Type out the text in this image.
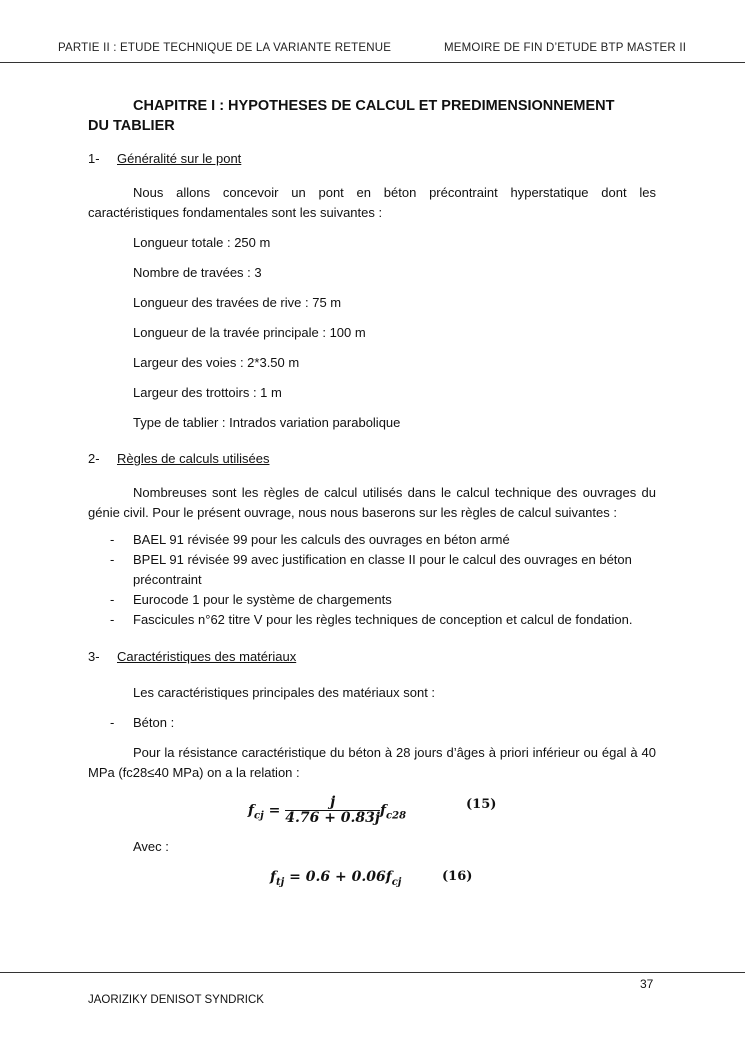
PARTIE II : ETUDE TECHNIQUE DE LA VARIANTE RETENUE	MEMOIRE DE FIN D’ETUDE BTP MASTER II
CHAPITRE I : HYPOTHESES DE CALCUL ET PREDIMENSIONNEMENT
DU TABLIER
1- Généralité sur le pont

Nous allons concevoir un pont en béton précontraint hyperstatique dont les caractéristiques fondamentales sont les suivantes :

Longueur totale : 250 m

Nombre de travées : 3

Longueur des travées de rive : 75 m

Longueur de la travée principale : 100 m

Largeur des voies : 2*3.50 m

Largeur des trottoirs : 1 m

Type de tablier : Intrados variation parabolique

2- Règles de calculs utilisées

Nombreuses sont les règles de calcul utilisés dans le calcul technique des ouvrages du génie civil. Pour le présent ouvrage, nous nous baserons sur les règles de calcul suivantes :

- BAEL 91 révisée 99 pour les calculs des ouvrages en béton armé
- BPEL 91 révisée 99 avec justification en classe II pour le calcul des ouvrages en béton précontraint
- Eurocode 1 pour le système de chargements
- Fascicules n°62 titre V pour les règles techniques de conception et calcul de fondation.
3- Caractéristiques des matériaux

Les caractéristiques principales des matériaux sont :

- Béton :

Pour la résistance caractéristique du béton à 28 jours d’âges à priori inférieur ou égal à 40 MPa (fc28≤40 MPa) on a la relation :

$f_{cj} = \frac{j}{4.76 + 0.83j} f_{c28}$
(15)

Avec :

$f_{tj} = 0.6 + 0.06f_{cj}$	(16)
37
JAORIZIKY DENISOT SYNDRICK
